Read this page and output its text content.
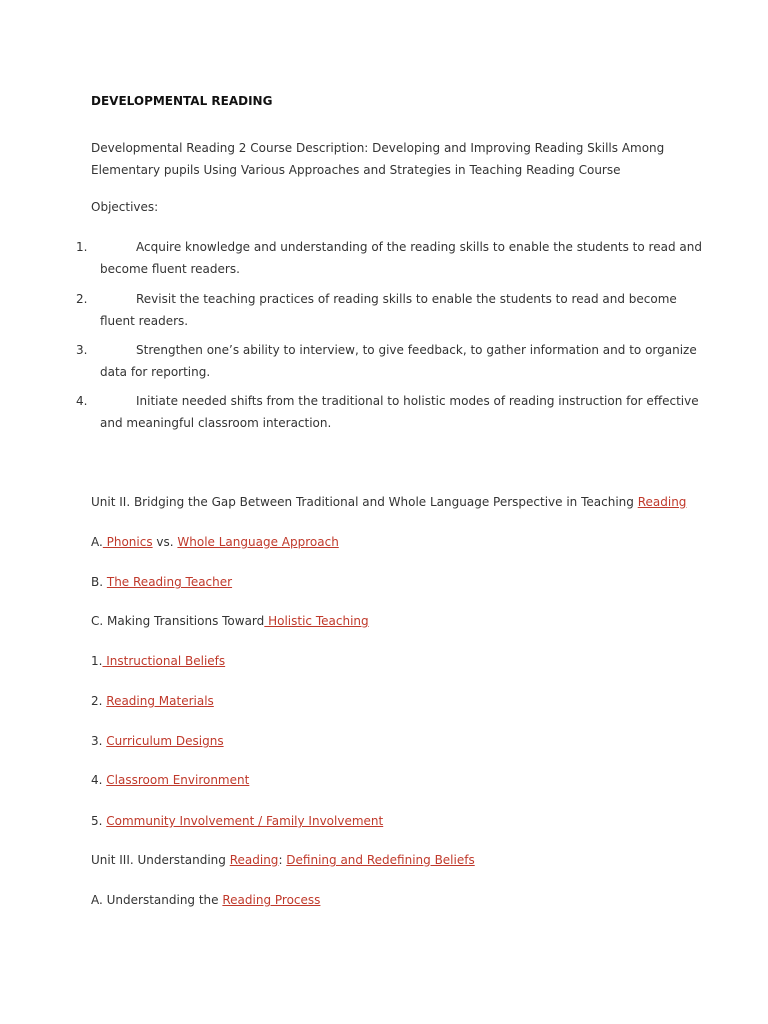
DEVELOPMENTAL READING
Developmental Reading 2 Course Description: Developing and Improving Reading Skills Among Elementary pupils Using Various Approaches and Strategies in Teaching Reading Course
Objectives:
1.	Acquire knowledge and understanding of the reading skills to enable the students to read and
become fluent readers.
2.	Revisit the teaching practices of reading skills to enable the students to read and become
fluent readers.
3.	Strengthen one’s ability to interview, to give feedback, to gather information and to organize
data for reporting.
4.	Initiate needed shifts from the traditional to holistic modes of reading instruction for effective
and meaningful classroom interaction.
Unit II. Bridging the Gap Between Traditional and Whole Language Perspective in Teaching Reading
A. Phonics vs. Whole Language Approach
B. The Reading Teacher
C. Making Transitions Toward Holistic Teaching
1. Instructional Beliefs
2. Reading Materials
3. Curriculum Designs
4. Classroom Environment
5. Community Involvement / Family Involvement
Unit III. Understanding Reading: Defining and Redefining Beliefs
A. Understanding the Reading Process
